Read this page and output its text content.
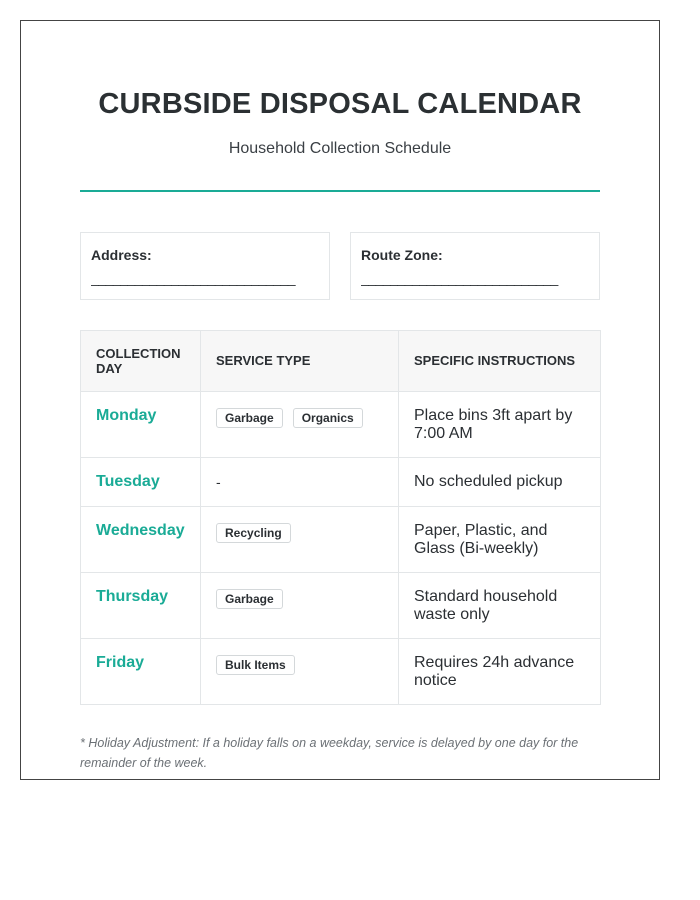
CURBSIDE DISPOSAL CALENDAR
Household Collection Schedule
Address:
____________________________
Route Zone:
___________________________
COLLECTION DAY	SERVICE TYPE	SPECIFIC INSTRUCTIONS
Monday	Garbage Organics	Place bins 3ft apart by 7:00 AM
Tuesday	-	No scheduled pickup
Wednesday	Recycling	Paper, Plastic, and Glass (Bi-weekly)
Thursday	Garbage	Standard household waste only
Friday	Bulk Items	Requires 24h advance notice
* Holiday Adjustment: If a holiday falls on a weekday, service is delayed by one day for the remainder of the week.
